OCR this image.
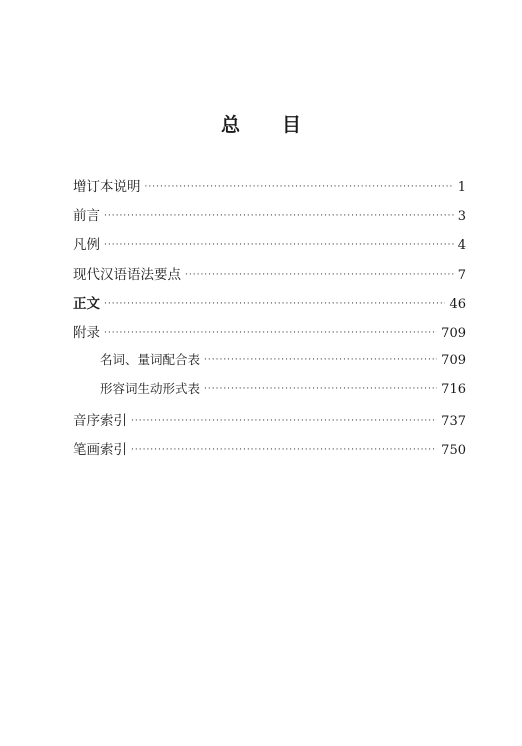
总 目
增订本说明 ·····	1
前言 ·····	3
凡例 ·····	4
现代汉语语法要点 ·····	7
正文 ·····	46
附录 ·····	709
名词、量词配合表 ·····	709
形容词生动形式表 ·····	716
音序索引 ·····	737
笔画索引 ·····	750
